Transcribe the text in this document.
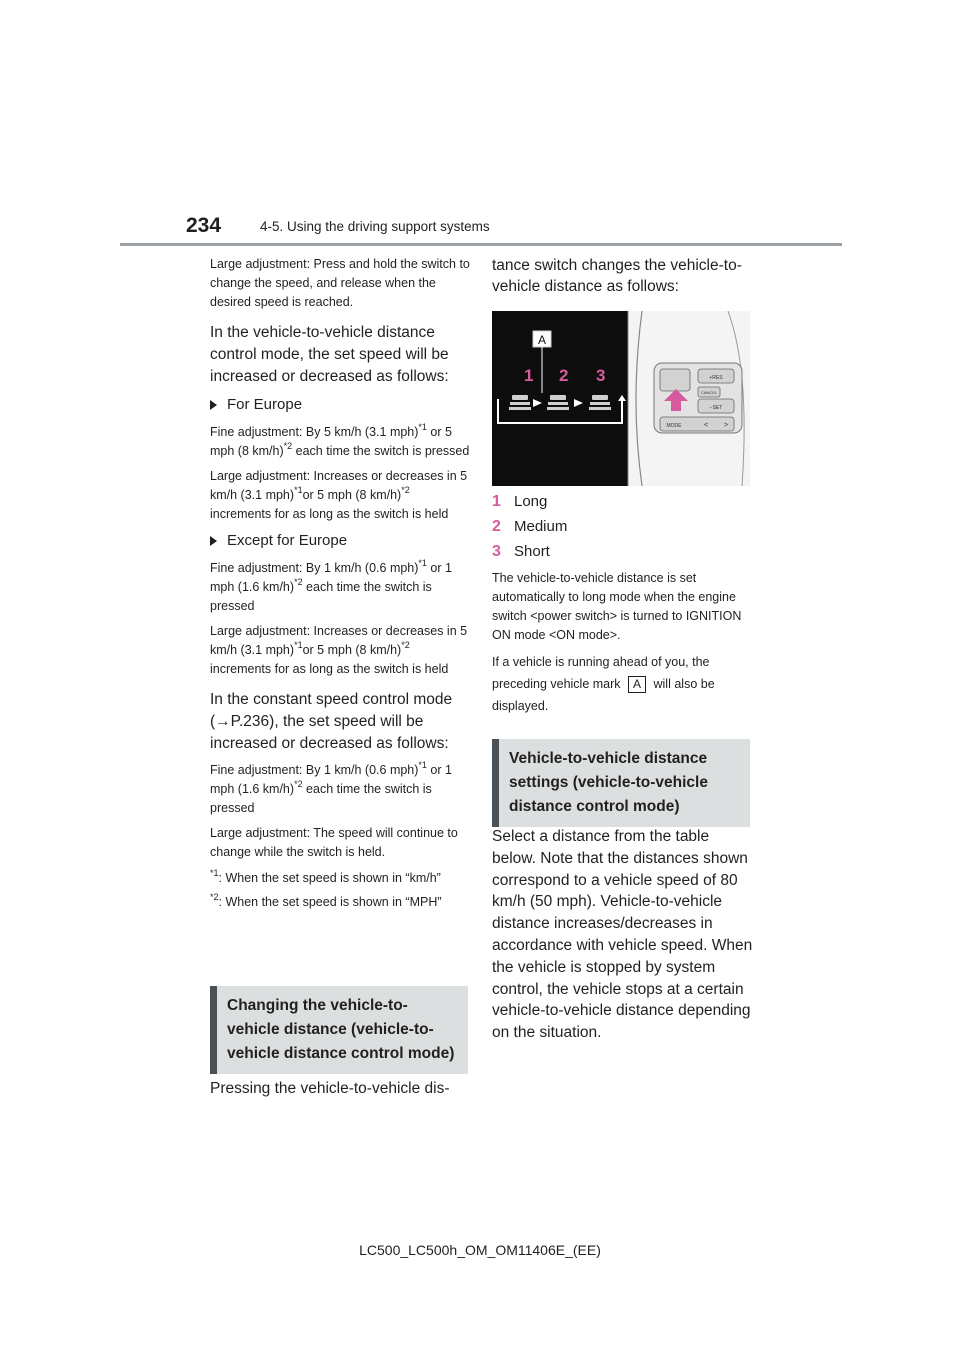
234	4-5. Using the driving support systems

Large adjustment: Press and hold the switch to change the speed, and release when the desired speed is reached.

In the vehicle-to-vehicle distance control mode, the set speed will be increased or decreased as follows:

For Europe

Fine adjustment: By 5 km/h (3.1 mph)$^{*1}$ or 5 mph (8 km/h)$^{*2}$ each time the switch is pressed

Large adjustment: Increases or decreases in 5 km/h (3.1 mph)$^{*1}$or 5 mph (8 km/h)$^{*2}$ increments for as long as the switch is held

Except for Europe

Fine adjustment: By 1 km/h (0.6 mph)$^{*1}$ or 1 mph (1.6 km/h)$^{*2}$ each time the switch is pressed

Large adjustment: Increases or decreases in 5 km/h (3.1 mph)$^{*1}$or 5 mph (8 km/h)$^{*2}$ increments for as long as the switch is held

In the constant speed control mode (→P.236), the set speed will be increased or decreased as follows:

Fine adjustment: By 1 km/h (0.6 mph)$^{*1}$ or 1 mph (1.6 km/h)$^{*2}$ each time the switch is pressed

Large adjustment: The speed will continue to change while the switch is held.

$^{*1}$: When the set speed is shown in “km/h”

$^{*2}$: When the set speed is shown in “MPH”

Changing the vehicle-to-vehicle distance (vehicle-to-vehicle distance control mode)
Pressing the vehicle-to-vehicle dis-
tance switch changes the vehicle-to-vehicle distance as follows:
A
1 2 3	+RES
CANCEL
−SET
MODE	< >
1 Long
2 Medium
3 Short
The vehicle-to-vehicle distance is set automatically to long mode when the engine switch <power switch> is turned to IGNITION ON mode <ON mode>.
If a vehicle is running ahead of you, the preceding vehicle mark A will also be displayed.
Vehicle-to-vehicle distance settings (vehicle-to-vehicle distance control mode)
Select a distance from the table below. Note that the distances shown correspond to a vehicle speed of 80 km/h (50 mph). Vehicle-to-vehicle distance increases/decreases in accordance with vehicle speed. When the vehicle is stopped by system control, the vehicle stops at a certain vehicle-to-vehicle distance depending on the situation.
LC500_LC500h_OM_OM11406E_(EE)
